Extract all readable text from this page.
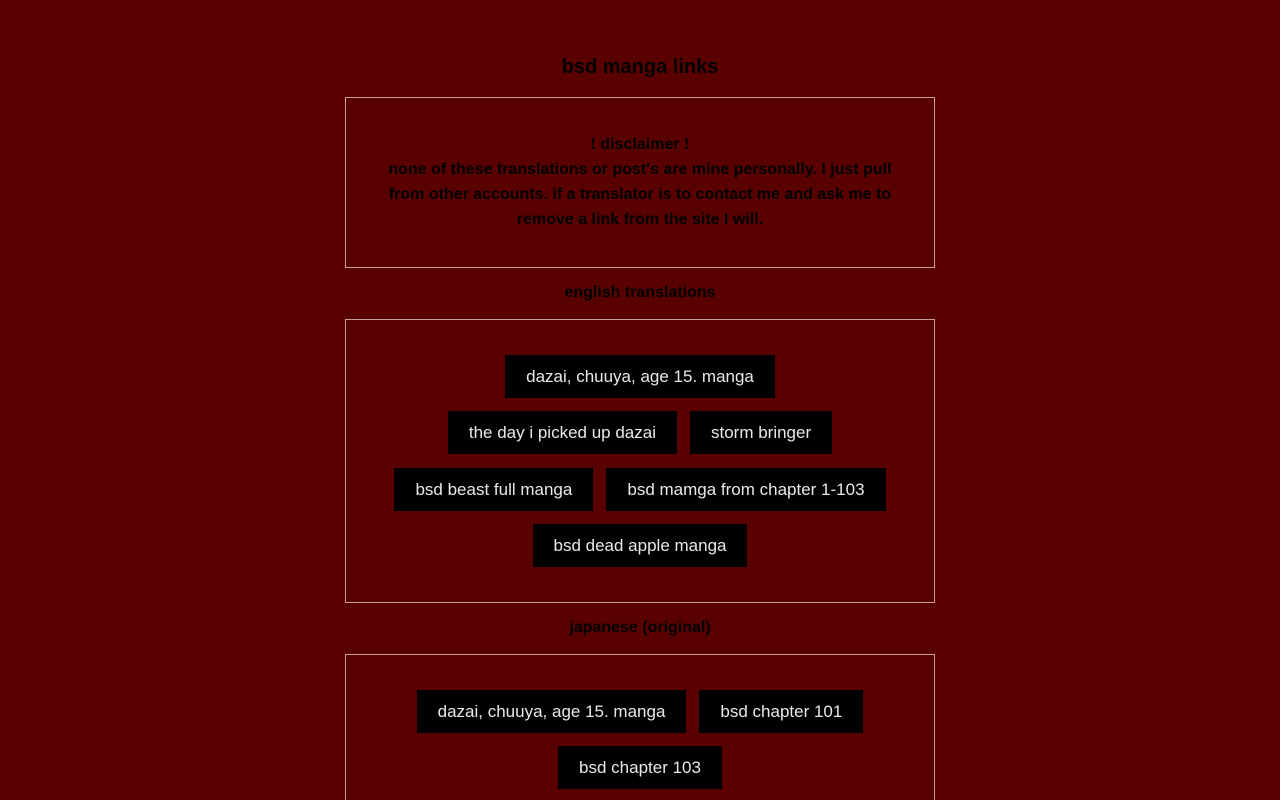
bsd manga links
! disclaimer !
none of these translations or post's are mine personally. I just pull from other accounts. if a translator is to contact me and ask me to remove a link from the site I will.
english translations
dazai, chuuya, age 15. manga
the day i picked up dazai	storm bringer
bsd beast full manga	bsd mamga from chapter 1-103
bsd dead apple manga
japanese (original)
dazai, chuuya, age 15. manga	bsd chapter 101
bsd chapter 103
